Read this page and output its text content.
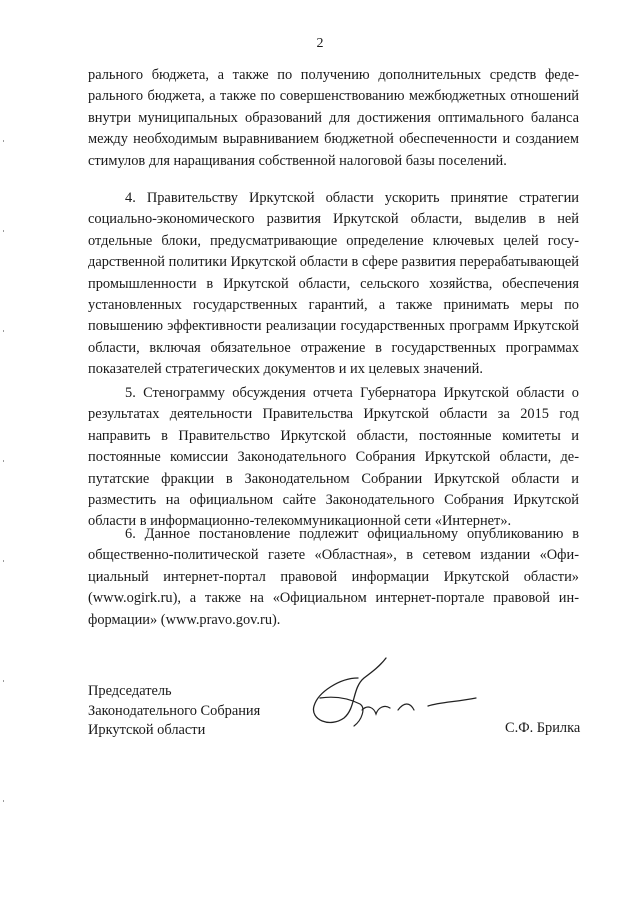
2

рального бюджета, а также по получению дополнительных средств федерального бюджета, а также по совершенствованию межбюджетных отношений внутри муниципальных образований для достижения оптимального баланса между необходимым выравниванием бюджетной обеспеченности и созданием стимулов для наращивания собственной налоговой базы поселений.

4. Правительству Иркутской области ускорить принятие стратегии социально-экономического развития Иркутской области, выделив в ней отдельные блоки, предусматривающие определение ключевых целей государственной политики Иркутской области в сфере развития перерабатывающей промышленности в Иркутской области, сельского хозяйства, обеспечения установленных государственных гарантий, а также принимать меры по повышению эффективности реализации государственных программ Иркутской области, включая обязательное отражение в государственных программах показателей стратегических документов и их целевых значений.

5. Стенограмму обсуждения отчета Губернатора Иркутской области о результатах деятельности Правительства Иркутской области за 2015 год направить в Правительство Иркутской области, постоянные комитеты и постоянные комиссии Законодательного Собрания Иркутской области, депутатские фракции в Законодательном Собрании Иркутской области и разместить на официальном сайте Законодательного Собрания Иркутской области в информационно-телекоммуникационной сети «Интернет».

6. Данное постановление подлежит официальному опубликованию в общественно-политической газете «Областная», в сетевом издании «Официальный интернет-портал правовой информации Иркутской области» (www.ogirk.ru), а также на «Официальном интернет-портале правовой информации» (www.pravo.gov.ru).

Председатель
Законодательного Собрания
Иркутской области	С.Ф. Брилка
